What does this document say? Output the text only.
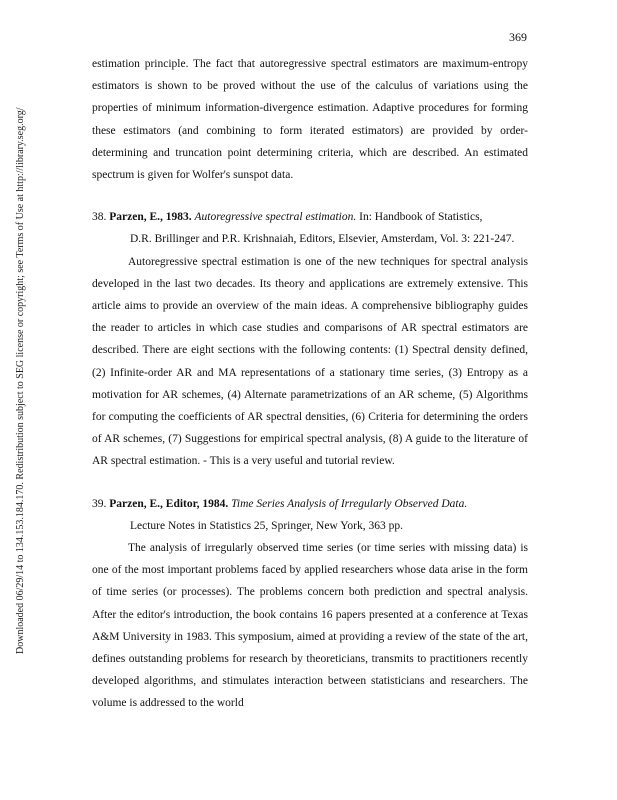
369
Downloaded 06/29/14 to 134.153.184.170. Redistribution subject to SEG license or copyright; see Terms of Use at http://library.seg.org/

estimation principle. The fact that autoregressive spectral estimators are maximum-entropy estimators is shown to be proved without the use of the calculus of variations using the properties of minimum information-divergence estimation. Adaptive procedures for forming these estimators (and combining to form iterated estimators) are provided by order-determining and truncation point determining criteria, which are described. An estimated spectrum is given for Wolfer's sunspot data.

38. Parzen, E., 1983. Autoregressive spectral estimation. In: Handbook of Statistics,

D.R. Brillinger and P.R. Krishnaiah, Editors, Elsevier, Amsterdam, Vol. 3: 221-247.

Autoregressive spectral estimation is one of the new techniques for spectral analysis developed in the last two decades. Its theory and applications are extremely extensive. This article aims to provide an overview of the main ideas. A comprehensive bibliography guides the reader to articles in which case studies and comparisons of AR spectral estimators are described. There are eight sections with the following contents: (1) Spectral density defined, (2) Infinite-order AR and MA representations of a stationary time series, (3) Entropy as a motivation for AR schemes, (4) Alternate parametrizations of an AR scheme, (5) Algorithms for computing the coefficients of AR spectral densities, (6) Criteria for determining the orders of AR schemes, (7) Suggestions for empirical spectral analysis, (8) A guide to the literature of AR spectral estimation. - This is a very useful and tutorial review.

39. Parzen, E., Editor, 1984. Time Series Analysis of Irregularly Observed Data.

Lecture Notes in Statistics 25, Springer, New York, 363 pp.

The analysis of irregularly observed time series (or time series with missing data) is one of the most important problems faced by applied researchers whose data arise in the form of time series (or processes). The problems concern both prediction and spectral analysis. After the editor's introduction, the book contains 16 papers presented at a conference at Texas A&M University in 1983. This symposium, aimed at providing a review of the state of the art, defines outstanding problems for research by theoreticians, transmits to practitioners recently developed algorithms, and stimulates interaction between statisticians and researchers. The volume is addressed to the world
